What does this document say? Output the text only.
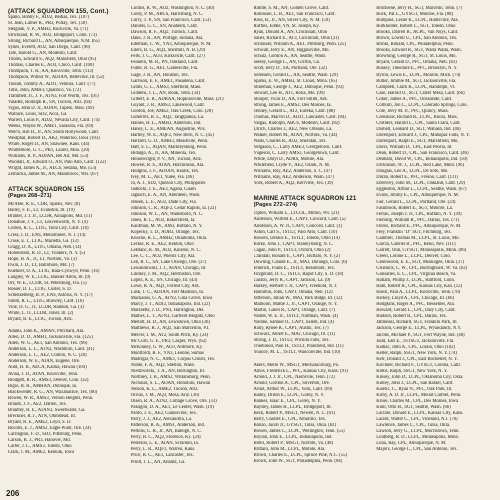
(ATTACK SQUADRON 155, Cont.)
Spano, Bobby F., ADJ2, Bedias, Tex. (107)
St. Jean, Luther R., PR3, Pollay, Tex. (58)
Steiguan, V. P., AMH3, Rockville, Va. (71)
Strickland, R. W., AO2, Bridgeport, Conn. (73)
Strong, Richard L., AN, Albuquerque, N.M. (65)
Sykes, Everett, AO2, San Diego, Calif. (98)
Tate, Harold G., AN, Modesto, Calif.
Thoms, Edward S., AQ2, Mansfield, Ohio (95)
Thomas, Charles E., AO3, Chico, Calif. (100)
Thompson, T. R., AA, Knoxville, Tenn. (113)
Thompson, Wilbur W., ADJAN, Belleville, Ill. (52)
Thieall, Tommy A., ADJ1, Ventura, Calif. (77)
Tims, John, AMH3, Quantico, Va. (72)
Trammell, Jr., J. F., ATN3, Fort Worth, Tex. (91)
Valadez, Rudolph R., SN, Tucson, Ariz. (64)
Vigus, John D. Jr., AOAN, Tupelo, Miss. (69)
Wallace, Louis, SD2, Acca, Ga.
Warren, Louis P., ADJ2, Nevada City, Calif. (74)
Weeks, Wayne W., AME1, Sarasota, Fla. (69)
Welch, Hill H., Jr., AN, South Hollywood, Calif.
Westphal, Robert H., AK2, Waterloo, Iowa (103)
White, Roger D., AN, Shawnee, Kans. (44)
Whittemore, G. C., PR1, Laurel, Miss. (20)
Williams, R. P., ADJAN, Bel Air, Md. (53)
Woodall, Jr., Edward O., AN, Palo Alto, Calif. (122)
Wright, James A., Jr., AECS, Sedalia, Mo. (53)
Zemlicka, James M., AN, Manitowoc, Wis. (67)
ATTACK SQUADRON 155
(Pages 268–271)
McAfee, R. E., CDR, Sparks, Nev. (8)
Bailey, F. E., LT, Evanston, Ill. (19)
Bramer, J. J. Jr., LCDR, Annapolis, Md. (11)
Donahue, J. F., LT, Leavenworth, N. Y. (4)
Cornes, R. L., LTJG, Yuba City, Calif. (10)
Cress, J. D., ENS, Menominee, N. J. (14)
Cruse, E. J., LTJG, Marietta, Ga. (12)
Gragg, D. A., LTJG, Omaha, Neb. (14)
Hohenstein, R. D., LT, Yonkers, N. Y. (5)
Hope, H. A., Jr., LT, Norfolk, Va. (3)
Irwin, J. D., LT, Baltimore, Md. (7)
Kuehner, D. A., LTJG, Bala-Cynwyd, Penn. (16)
Langley, W. E., LTJG, Banner Alton, Ill. (9)
Orr, W. E., LCDR, St. Petersburg, Fla. (5)
Rosser, D. L., LTJG, Custer, S. D.
Schenkelberg, R. P., ENS, Astoria, N. Y. (17)
Smith, R. L., LTJG, Brawley, Calif. (16)
Vine, D. G., Jr., LCDR, Haddon, Ga. (3)
White, L. O., LCDR, Joliet, Ill. (2)
Bryant, B. E., LTJG, Tucson, Ariz.
Adams, John K., AMAN, Pritchard, Ala.
Allen, D. D., AMH1, Jacksonville, Fla. (125)
Allen, W. G., AE1, San Antonio, Tex. (96)
Anderson, L. L., ATN3, Washburn, Calif. (41)
Anderson, L. C., AE2, Clinton, N. C. (20)
Anderson, W. E., ATAN, Eugene, Ore.
Auld, H. B., AECA, Kailua, Hawaii (104)
Avina, J. D., ATAN, Knoxville, Tenn.
Blodgett, R. R., AMS3, Denver, Colo. (32)
Bigio, R. R., AMHAN, Dubuque, Ia.
Blackwelder, R. G., AN, Waxahachie, Tex. (86)
Bowen, W. R., AMS3, Vernon Heights, Penn.
Brandt, J. F., AE2, Darien, Tex.
Brantley, R. E., ATAN3, Sweetwater, Ga.
Breckner, R. J., ATN, Ohmstead, Ill.
Bryant, R. E., AME2, Loyd, S. D.
Bucolts, E. J., AMS2, Eagle Point, Ore. (24)
Carrington, F. D., SD3, Pittsburg, Penn.
Carson, R. J., PR3, Hanover, Md.
Carter, J. L., AMS3, Toledo, Ohio
Clark, J. M., AME2, Keokuk, Iowa
Collins, R. W., AO2, Washington, N. C. (40)
Colby, P. M., ABCS, Harrisburg, N. C.
Curry, T. P., SN, San Francisco, Calif. (53)
Daniels, G. C., SN, Anaheim, Calif.
Dawson, R. F., AQ2, Turlock, Calif.
Dake, J. R., AN, Portage, Indiana, Ala.
Edelman, C. W., YN3, Albuquerque, N. M.
Eilers, R. G., AQ3, Shermill, N. B. (29)
Felts, J. C., AO3, Kirksville, Calif. (27)
Fennelli, M. R., PN, Oakland, Calif.
Fuller, R. G., AE1, Gainesville, Fla.
Gage, J. R., AN, Houston, Tex.
Garrison, E. F., AME1, Pasadena, Calif.
Gibbs, G. L., AMS3, Sheffield, Mass.
Giddens, J. L., AN, Rook, Tenn. (34)
Gilbert, E. R., ADRAA, Hopkinsville, Mass. (21)
Guyant, J. R., AMS3, Lakewood, Calif.
Gordon, Joe, AME2, Oak Creek, Colo. (28)
Gutierrez, R. L., AQ2, Tangipahoa, La.
Haines, H. L., AMH3, Anderson, Ind.
Haney, L. E., AMEAN, Augustine, Wis.
Hartley, W. E., AQF2, New Bern, N. C. (45)
Hartzell, G. D., AMH3, Meadville, Penn.
Hatt, S. L., AQAN, Markleysburg, Penn.
Hidalgo, A., Jr., AA, Mineola, Tex.
Housewright, P. V., AN, Tucson, Ariz.
Howell, R. S., ATAN, Hutchinson, Ala.
Hudgins, J. F., ADJAN, Kealik, Tex.
Ivey, M. L., AE1, Yulee, Fla. (46)
Ja, A. J., SD2, Quezon City, Philippines
Jadlocki, J. E., AE3, Agana, Guam
Jagusch, E. A., AN, Aberdeen, Wash.
Jensen, L. E., AO2, Dade City, Fla.
Johnson, C. R., AQF2, Cedar Rapids, Ia. (22)
Johnson, W. L., AN, Wadesboro, N. C.
Jones, R. L., AO2, Bakersfield, Ia.
Kaufman, M. W., AM3, Buffalo, N. Y.
Kopecky, T. D., AOB3, Orange, Tex.
Knoche, R. L., AMH2, Oklahoma, Okla.
Leckie, R. E., AE2, Kenton, Ohio
LeBlanc, K. M., AO2, Kinston, N. C.
Lee, C. C., AO2, Phenix City, Ala.
Leh, R. C., SN, Lake Oswego, Ore. (37)
Lewandowski, J. J., ATAN, Chicago, Ill.
Lindsey, J. M., AQ2, Hermiston, Ore.
Lopez, A. E., SN, Chicago, Ill. (43)
Lowe, R. A., AQ1, Forrest City, Ark.
Lusk, T. C., ADJAN, Fort Madison, Ia.
Mackanos, G. A., ATN2, Gina Grove, Iowa
Marcy, J. T., ADJ2, Indianapolis, Ind. (22)
Marzeetta, J. D., PN3, Harrington, Del.
Mathes, L. T., ATN3, Garfield Heights, Ohio
Mellott, H. D., AN, Lewistown, Ohio (36)
Matthews, R. J., AQ2, San Marcelino, P.I.
Mercer, J. M., AT2, South Pitch, Ky. (24)
Mc Curb, G. E., PR3, Casper, Wyo. (62)
McKinney, G. W., AO3, Ardmore, Ky.
Montfordi, R. F., YN3, Leonne, Sumas
Madrigal, N. C., AME1, Corpus Christi, Tex.
Noble, F. A., AQ2, Shelton, Wash.
Niedzwiecki, T. A., AN, Burlington, Ill.
Northley, J. B., AMS2, Wilkinsburg, Penn.
Nicholas, S. L., AOAN, Honolulu, Hawaii
Nelson, K. L., AME2, Tucson, Ariz.
Olivas, J. M., AQ3, Mesa, Ariz. (36)
Olsen, R. A., ATN2, Cottage Grove, Ore. (33)
Pakugon, D. A., AE1, Le Center, Wash. (19)
Pardo, J. E., AE2, Gainesville, Tex.
Parry, J. J., AE2, Alexandria, La.
Patterson, R. A., AMS1, Anderson, Ind.
Perkins, C. R., Jr., AN, Raleigh, N. C.
Perry, R. C., AQ2, Florence, Ky. (24)
Peterson, L. E., ATAN, Scranton, Ia.
Perry, L. R., AQF1, Warren, Kans.
Price, R. C., AE1, Lancaster, Tex.
Pruitt, J. L., AN, Atlanta, Ga.
Riddle, S. M., AN, Golden Grove, Calif.
Robinson, L. R., AE1, San Francisco, Calif.
Ross, B., Jr., AN, Silver City, N. M. (59)
Ruffles, Eddie, YN, St. Joseph, Ky.
Ryan, Donald A., AN, Cincinnati, Ohio
Sauer, Richard E., AT3, Cincinnati, Ohio (31)
Schlosser, William A., AE1, Pittsburg, Penn. (25)
Schwab, Jerry E., AN, Higginsville, Mo.
Schulz, Gordon A., AN, Seattle, Wash.
Seeley, George L., AN, Griffin, Ga.
Scott, Jerry D., SA, Portland, Ore. (32)
Sorensen, Gerald L., AA, Seattle, Wash. (29)
Sparks, E. W., AMH3, St. Cloud, Minn. (65)
Stineman, George J., AE2, Dubuque, Penn. (93)
Stewart, Lee H., AT1, Rolla, Mo. (99)
Stooper, Vicar D., AA, Fort Smith, Ark.
Strong, James E., AMS2, Des Moines, Ia.
Tenney, Gerald L., AT2, Eureka, Calif. (88)
Thomas, Marvin D., ADJ1, Lancaster, Calif. (84)
Vargas, Rudolph, ABCS, Modesto, Calif. (82)
Ulrich, Charles J., AE2, New Orleans, La.
Walker, Robert M., ATAN, Norfolk, Va. (44)
Walls, Charles R., AO2, Sheridan, Tex.
Vergason, C., Larry AME3, Georgetown, Calif.
Vugeson, C. Larry AMS3, Georgetown, Calif.
White, Daryl D., ADRS, Mobile, Ala.
Whitefield, Clyde V., AE2, Ozark, N. M.
Williams, Roy, AE2, Anderson, S. C. (47)
Williams, Ray, AE2, Anderson, Wash. (47)
York, Robert A., AQ2, Kerrville, Tex. (39)
MARINE ATTACK SQUADRON 121
(Pages 272–274)
Tipton, William L., LTCOL, Milton, Ws. (21)
Anderson, Wilfred E., CAPT, Concord, Calif. (5)
Anderson, A. W. Jr., CAPT, Concord, Calif. (1)
Aston, Carl S., 1STLT, Palo Alto, Calif. (10)
Bowers, Dennis E., 1STLT, Toledo, Ohio (14)
Burke, John J., CAPT, Stanleysburg, N. C.
Cagan, John P., 1STLT, Oxford, Ohio (2)
Crandall, Ronald E., CAPT, Buffalo, N. Y. (2)
Dowling, Claude E., Jr., MAJ, Durango, Colo. (6)
Emerick, Frank E., 1STLT, Beaumont, Tex.
Fitzgerald, D. C., 1STLT, Rapid City, S. D. (18)
Gaston, Jerry R., CAPT, Jackson, La. (9)
Harkey, Herbert J. Jr., CAPT, Freehold, N. J.
Hamilton, John, CAPT, Omaha, Neb. (12)
Jefferson, Julian W., MAJ, Park Ridge, Ill. (12)
Mamoon, Mattie J., Jr., CAPT, Orange, N. Y.
Martin, Galen R., CAPT, Orange, Calif. (7)
Nisbet, W. E. Jr., 1STLT, Nuttman, Wash. (4)
Nodine, Samuel O., CAPT, Salem, Ind. (4)
Rudy, Rynee R., CAPT, Austin, Tex. (7)
Schwarz, Albert E., MAJ, Chicago, Ill. (11)
Strong, J. D., 1STLT, Wichita Falls, Tex.
Trueblood, Paul H., 1STLT, Plainfield, Ind. (11)
Younce, M. L., 1STLT, Wauconville, Ind. (10)
Akers, Merle W., MSGT, Mechanicsburg, Pa.
Amos, Frederick L., PFC, Kansas City, Kans. (91)
Arnold, J. J. Jr., CPL, Nashville, Tenn. (72)
Arnold, Gordon A., CPL, Silverton, Ore.
Arnot, Arthur W., LCPL, York, Calif. (69)
Bailey, Dillon E., LCPL, Gorey, N. Y.
Bankes, Isaac E., CPL, Gorey, N. Y.
Baysley, James R., LCPL, Bridgeport, Ill.
Beck, Robert P., MSGT, Newell, N. C. (61)
Berry, Charles E., CPL, Amarillo, Tex.
Bonzo, Jacob Jr., GYSGT, Tulsa, Okla. (82)
Bowen, James C., LCPL, Wellington, Tenn. (55)
Boylan, John E., LCPL, Indianapolis, Ind.
Brehl, Robert P., MSGT, Norfolk, Va. (48)
Brittain, John M., LCPL, Mobile, Ala.
Brown, Charles E., LCPL, Spruce Pine, N.C. (55)
Brown, John W., SGT, Philadelphia, Penn. (84)
Brufloene, Jerry H., SGT, Marcelin, Tenn. (7)
Buck, Pat L., GYSGT, Monroe, Fla. (88)
Bumpass, Leslie K., LCPL, Huntsville, Ala.
Burkholder, Robert L., SGT, Toledo, Ohio
Brooks, Darrell R., ACPL, Van Nuys, Calif.
Brown, Lowell U., CPL, San Antonio, Tex.
Brinki, Ronald, CPL, Philadelphia, Penn.
Brooks, Edward R., SGT, Walla Walla, Wash.
Browning, George R., SGT, St. Louis, Mo.
Bryant, Gerald D., PFC, Omaha, Neb. (83)
Bussey, Theodore E., PFC, Brooklyn, N. Y.
Byron, Lewis E., LCPL, Monroe, Mich. (74)
Butler, Jimmie M., SGT, Jacksonville, Fla.
Campbell, Clark K., LCPL, Randolph, Vt.
Case, Harold O., SGT, Crater Mesa, Calif. (66)
Coker, James A., PFC, Oceanside, Calif.
Colburn, Jon C., LCPL, Colorado Springs, Colo.
Cole, Jerry M. Jr., PFC, Quincy, Mass.
Crenshaw, Richard R., LCPL, Biloxi, Miss.
Crothers, Harold L., CPL, Santa Clara, Calif.
Darnell, Leonard D., SGT, Wabash, Ind. (46)
Davenport, Edward J., CPL, Mahopac Falls, N. Y.
Davenport, Ralph E., SGT, Marshfield, Mo.
Davis, William D., CPL, East Peoria, Ill.
Dean, Robert D., CPL, San Francisco, Calif. (46)
Denham, David W., CPL, Indianapolis, Ind. (50)
Dickinson, W. J., LCPL, Red Lake, Minn. (96)
Douglas, Leo A., LCPL, De Soto, Mo.
Duran, Robert E., PFC, Fresno, Calif. (111)
Ebersvey, John M., LCPL, Oakland, Calif. (29)
Eggleston, Arthur L., LCPL, Seattle, Wash. (67)
Evans, Jimmy E., CPL, Albuquerque, N. M.
Fair, Gerald L., LCPL, Portland, Ore. (24)
Fasnbrook, Robert E., SGT, Monroe, La.
Ferrau, Joseph J. Jr., CPL, Buffalo, N. Y. (39)
Fleming, William R., PFC, Dallas, Tex. (71)
Florez, Richard E., PFC, Albuquerque, N. M.
Frey, Franklin "D" SGT, Fitchburg, Tex.
Gambrel, Thomas M., LCPL, St. Louis, Mo.
Garcia, Gabriel B., PFC, Reno, Nev. (111)
Garrett, Olin, GYSGT, Minneapolis, Minn. (86)
Green, Lonnie L., LCPL, Denver, Colo.
Greenwood, E. E., SGT, Muskogee, Okla. (37)
Gruenick, C. W., CPL, Burlinghurst, W. Va. (62)
Gunsalles, E. C., CPL, Virginia Beach, Va.
Hallam, Phillip J., LCPL, Hartford, Conn.
Ham, Robert R., CPL, Kansas City, Kan. (12)
Hawk, Paul A., LCPL, Knoxville, Tenn. (70)
Hickey, Lloyd A., CPL, Chicago, Ill. (66)
Hodgkins, Roger A., PFC, Bessemer, Ala.
Howard, Gerald L., CPL, Daly City, Calif.
Hudson, Robert R., CPL, Dallas, Tex.
Jablonski, Richard, SGT, Franklin Park, Ill.
Jackson, George E., LCPL, Wyandanch, N.Y.
Jacobs, Michael P., SGT, Fort Wayne, Ind. (40)
Judd, Earl E., 1STSGT, Jacksonville, Fla.
Kadlac, John A., CPL, Lorain, Ohio (102)
Keller, Ralph, SSGT, New York, N. Y. (74)
Kerr, Donald J., CPL, East Rochester, N. Y.
Kirchner, Richard F., GYSGT, Corona, Calif.
Krebs, Ralph, SSGT, New York, N. Y.
Kinsey, John D., LCPL, Oklahoma City, Okla.
Kinley, John J., LCPL, San Rafael, Calif.
Kiselic, C., Ryan N., PFC, Oak Park, Ill.
Kirby, A. D. Jr., LCPL, Mount Carmel, Penn.
Kruse, Charles M., CPL, Des Moines, Iowa
Kuhl, Otto H., SGT, Seattle, Wash. (66)
Laclare, Donald E., LCPL, Kansas City, Kans.
Laiard, Walter C., CPL, Vineland, N.J. (78)
Lawrence, James C., CPL, Tulsa, Okla.
Lawson, Jerry G., LCPL, Morristown, Tenn.
Lindberg, R. D., LCPL, Minneapolis, Minn.
Luna, Ray, CPL, Albuquerque, N. M.
Majors, George L., CPL, San Antonio, Tex.
206
